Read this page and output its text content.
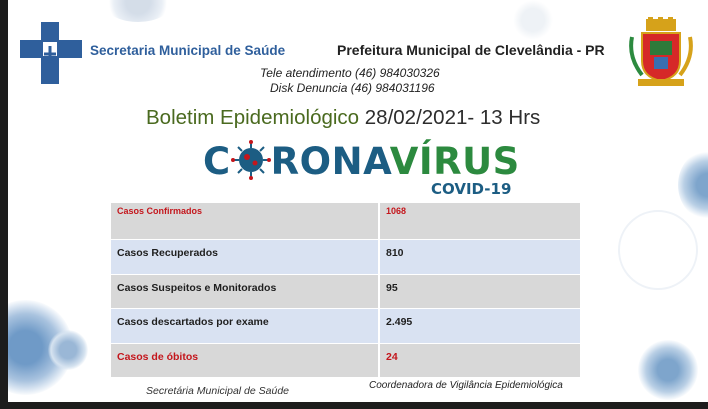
Secretaria Municipal de Saúde	Prefeitura Municipal de Clevelândia - PR
Tele atendimento (46) 984030326
Disk Denuncia (46) 984031196
Boletim Epidemiológico 28/02/2021- 13 Hrs
C RONAVÍRUS
COVID-19
Casos Confirmados	1068
Casos Recuperados	810
Casos Suspeitos e Monitorados	95
Casos descartados por exame	2.495
Casos de óbitos	24
Secretária Municipal de Saúde	Coordenadora de Vigilância Epidemiológica
